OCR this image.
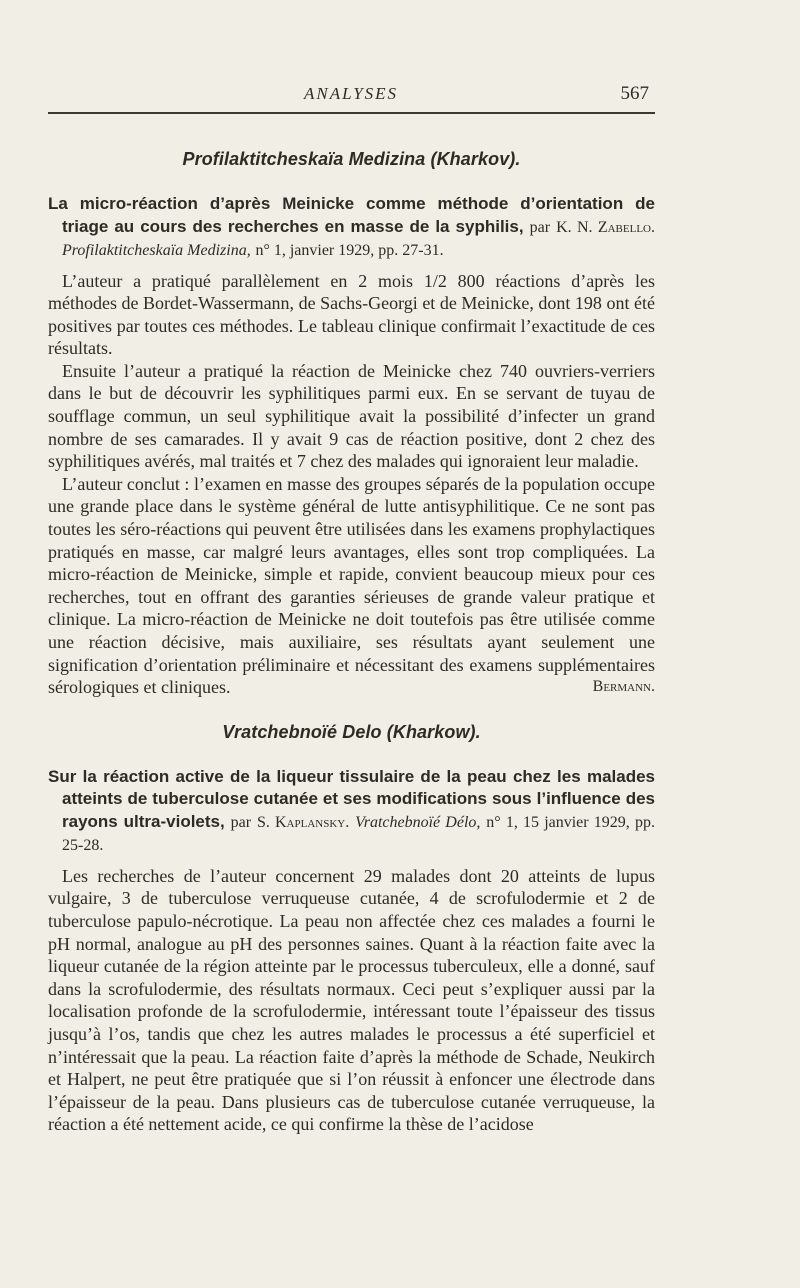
ANALYSES	567
Profilaktitcheskaïa Medizina (Kharkov).

La micro-réaction d’après Meinicke comme méthode d’orientation de triage au cours des recherches en masse de la syphilis, par K. N. Zabello. Profilaktitcheskaïa Medizina, n° 1, janvier 1929, pp. 27-31.

L’auteur a pratiqué parallèlement en 2 mois 1/2 800 réactions d’après les méthodes de Bordet-Wassermann, de Sachs-Georgi et de Meinicke, dont 198 ont été positives par toutes ces méthodes. Le tableau clinique confirmait l’exactitude de ces résultats.

Ensuite l’auteur a pratiqué la réaction de Meinicke chez 740 ouvriers-verriers dans le but de découvrir les syphilitiques parmi eux. En se servant de tuyau de soufflage commun, un seul syphilitique avait la possibilité d’infecter un grand nombre de ses camarades. Il y avait 9 cas de réaction positive, dont 2 chez des syphilitiques avérés, mal traités et 7 chez des malades qui ignoraient leur maladie.

L’auteur conclut : l’examen en masse des groupes séparés de la population occupe une grande place dans le système général de lutte antisyphilitique. Ce ne sont pas toutes les séro-réactions qui peuvent être utilisées dans les examens prophylactiques pratiqués en masse, car malgré leurs avantages, elles sont trop compliquées. La micro-réaction de Meinicke, simple et rapide, convient beaucoup mieux pour ces recherches, tout en offrant des garanties sérieuses de grande valeur pratique et clinique. La micro-réaction de Meinicke ne doit toutefois pas être utilisée comme une réaction décisive, mais auxiliaire, ses résultats ayant seulement une signification d’orientation préliminaire et nécessitant des examens supplémentaires sérologiques et cliniques.	Bermann.

Vratchebnoïé Delo (Kharkow).

Sur la réaction active de la liqueur tissulaire de la peau chez les malades atteints de tuberculose cutanée et ses modifications sous l’influence des rayons ultra-violets, par S. Kaplansky. Vratchebnoïé Délo, n° 1, 15 janvier 1929, pp. 25-28.

Les recherches de l’auteur concernent 29 malades dont 20 atteints de lupus vulgaire, 3 de tuberculose verruqueuse cutanée, 4 de scrofulodermie et 2 de tuberculose papulo-nécrotique. La peau non affectée chez ces malades a fourni le pH normal, analogue au pH des personnes saines. Quant à la réaction faite avec la liqueur cutanée de la région atteinte par le processus tuberculeux, elle a donné, sauf dans la scrofulodermie, des résultats normaux. Ceci peut s’expliquer aussi par la localisation profonde de la scrofulodermie, intéressant toute l’épaisseur des tissus jusqu’à l’os, tandis que chez les autres malades le processus a été superficiel et n’intéressait que la peau. La réaction faite d’après la méthode de Schade, Neukirch et Halpert, ne peut être pratiquée que si l’on réussit à enfoncer une électrode dans l’épaisseur de la peau. Dans plusieurs cas de tuberculose cutanée verruqueuse, la réaction a été nettement acide, ce qui confirme la thèse de l’acidose
